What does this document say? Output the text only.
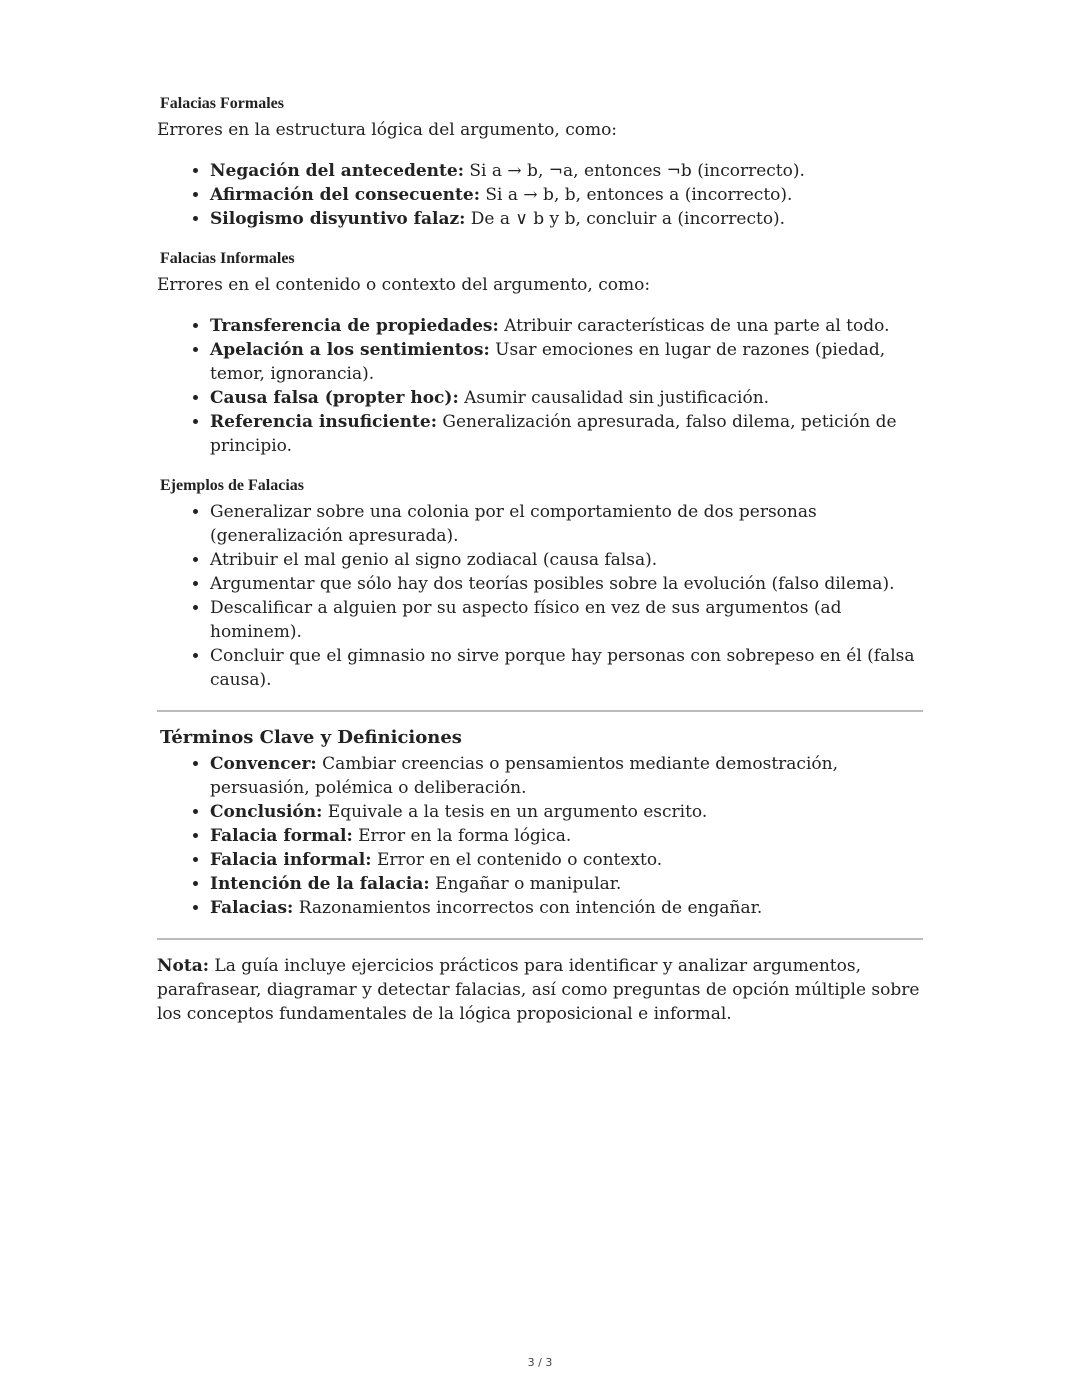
Falacias Formales

Errores en la estructura lógica del argumento, como:

• Negación del antecedente: Si a → b, ¬a, entonces ¬b (incorrecto).
• Afirmación del consecuente: Si a → b, b, entonces a (incorrecto).
• Silogismo disyuntivo falaz: De a ∨ b y b, concluir a (incorrecto).
Falacias Informales

Errores en el contenido o contexto del argumento, como:

• Transferencia de propiedades: Atribuir características de una parte al todo.
• Apelación a los sentimientos: Usar emociones en lugar de razones (piedad, temor, ignorancia).
• Causa falsa (propter hoc): Asumir causalidad sin justificación.
• Referencia insuficiente: Generalización apresurada, falso dilema, petición de principio.
Ejemplos de Falacias
• Generalizar sobre una colonia por el comportamiento de dos personas (generalización apresurada).
• Atribuir el mal genio al signo zodiacal (causa falsa).
• Argumentar que sólo hay dos teorías posibles sobre la evolución (falso dilema).
• Descalificar a alguien por su aspecto físico en vez de sus argumentos (ad hominem).
• Concluir que el gimnasio no sirve porque hay personas con sobrepeso en él (falsa causa).
Términos Clave y Definiciones
• Convencer: Cambiar creencias o pensamientos mediante demostración, persuasión, polémica o deliberación.
• Conclusión: Equivale a la tesis en un argumento escrito.
• Falacia formal: Error en la forma lógica.
• Falacia informal: Error en el contenido o contexto.
• Intención de la falacia: Engañar o manipular.
• Falacias: Razonamientos incorrectos con intención de engañar.

Nota: La guía incluye ejercicios prácticos para identificar y analizar argumentos, parafrasear, diagramar y detectar falacias, así como preguntas de opción múltiple sobre los conceptos fundamentales de la lógica proposicional e informal.

3 / 3
